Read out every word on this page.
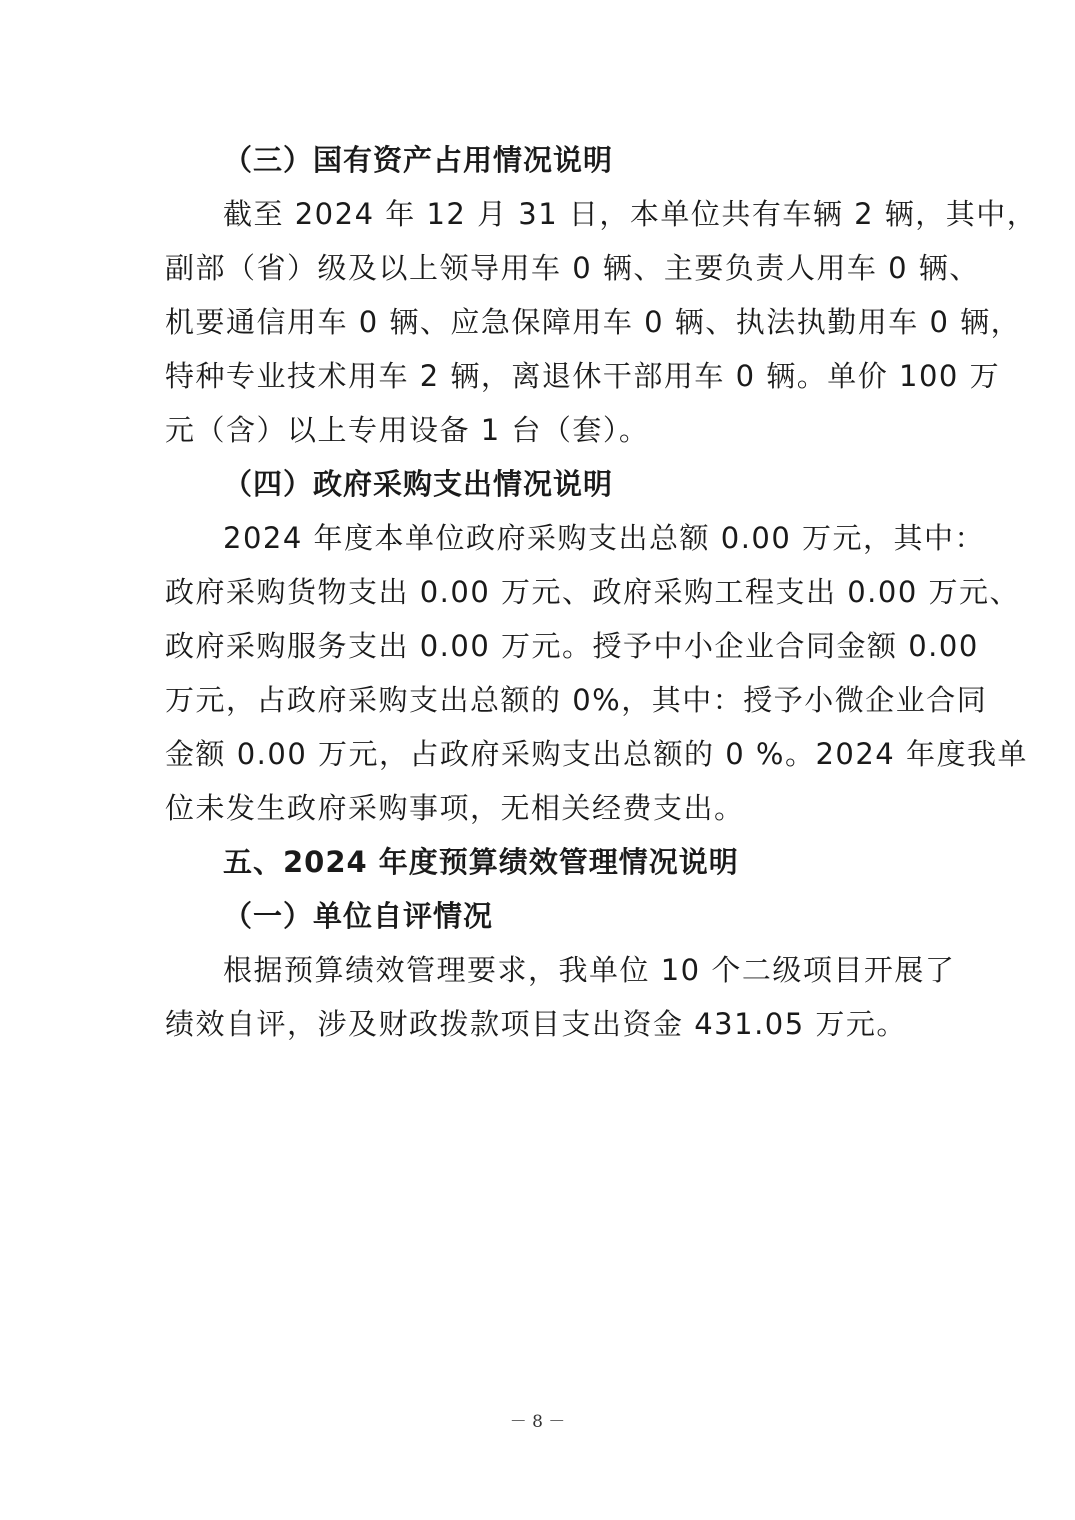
（三）国有资产占用情况说明
截至 2024 年 12 月 31 日，本单位共有车辆 2 辆，其中，
副部（省）级及以上领导用车 0 辆、主要负责人用车 0 辆、
机要通信用车 0 辆、应急保障用车 0 辆、执法执勤用车 0 辆，
特种专业技术用车 2 辆，离退休干部用车 0 辆。单价 100 万
元（含）以上专用设备 1 台（套）。
（四）政府采购支出情况说明
2024 年度本单位政府采购支出总额 0.00 万元，其中：
政府采购货物支出 0.00 万元、政府采购工程支出 0.00 万元、
政府采购服务支出 0.00 万元。授予中小企业合同金额 0.00
万元，占政府采购支出总额的 0%，其中：授予小微企业合同
金额 0.00 万元，占政府采购支出总额的 0 %。2024 年度我单
位未发生政府采购事项，无相关经费支出。
五、2024 年度预算绩效管理情况说明
（一）单位自评情况
根据预算绩效管理要求，我单位 10 个二级项目开展了
绩效自评，涉及财政拨款项目支出资金 431.05 万元。
－ 8 －
